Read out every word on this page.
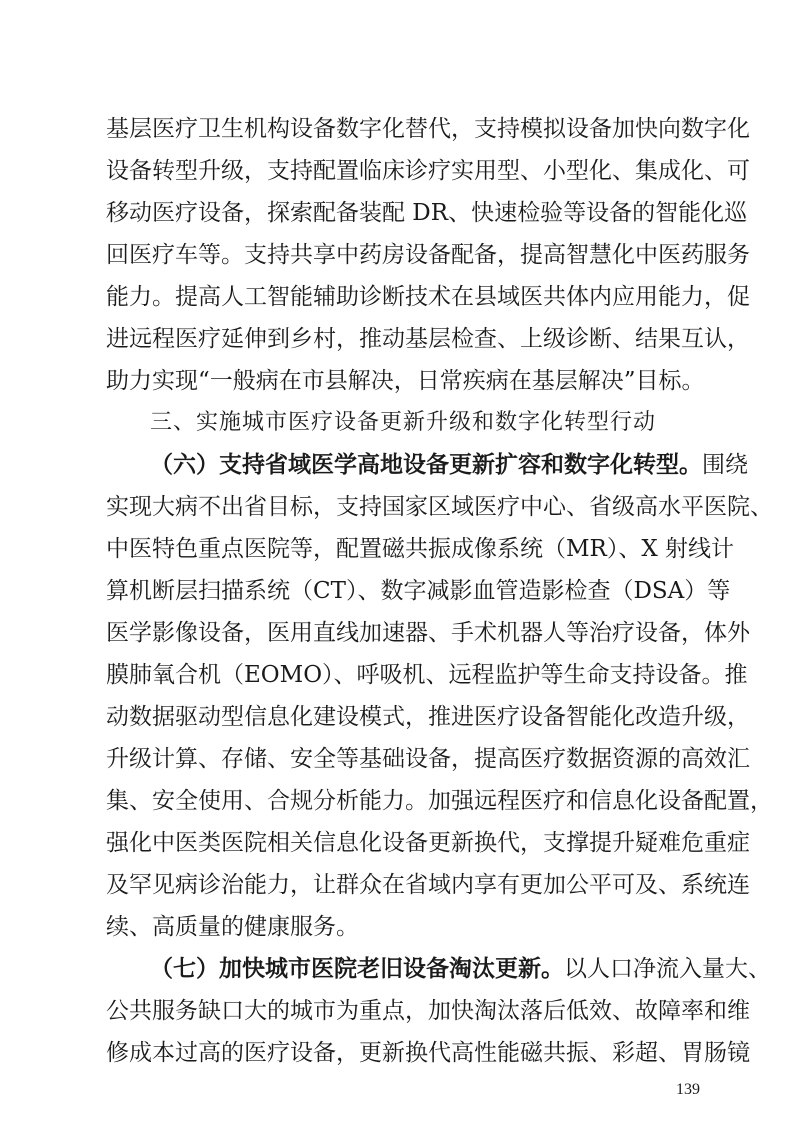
基层医疗卫生机构设备数字化替代，支持模拟设备加快向数字化
设备转型升级，支持配置临床诊疗实用型、小型化、集成化、可
移动医疗设备，探索配备装配 DR、快速检验等设备的智能化巡
回医疗车等。支持共享中药房设备配备，提高智慧化中医药服务
能力。提高人工智能辅助诊断技术在县域医共体内应用能力，促
进远程医疗延伸到乡村，推动基层检查、上级诊断、结果互认，
助力实现“一般病在市县解决，日常疾病在基层解决”目标。
三、实施城市医疗设备更新升级和数字化转型行动
（六）支持省域医学高地设备更新扩容和数字化转型。围绕
实现大病不出省目标，支持国家区域医疗中心、省级高水平医院、
中医特色重点医院等，配置磁共振成像系统（MR）、X 射线计
算机断层扫描系统（CT）、数字减影血管造影检查（DSA）等
医学影像设备，医用直线加速器、手术机器人等治疗设备，体外
膜肺氧合机（EOMO）、呼吸机、远程监护等生命支持设备。推
动数据驱动型信息化建设模式，推进医疗设备智能化改造升级，
升级计算、存储、安全等基础设备，提高医疗数据资源的高效汇
集、安全使用、合规分析能力。加强远程医疗和信息化设备配置，
强化中医类医院相关信息化设备更新换代，支撑提升疑难危重症
及罕见病诊治能力，让群众在省域内享有更加公平可及、系统连
续、高质量的健康服务。
（七）加快城市医院老旧设备淘汰更新。以人口净流入量大、
公共服务缺口大的城市为重点，加快淘汰落后低效、故障率和维
修成本过高的医疗设备，更新换代高性能磁共振、彩超、胃肠镜
139
